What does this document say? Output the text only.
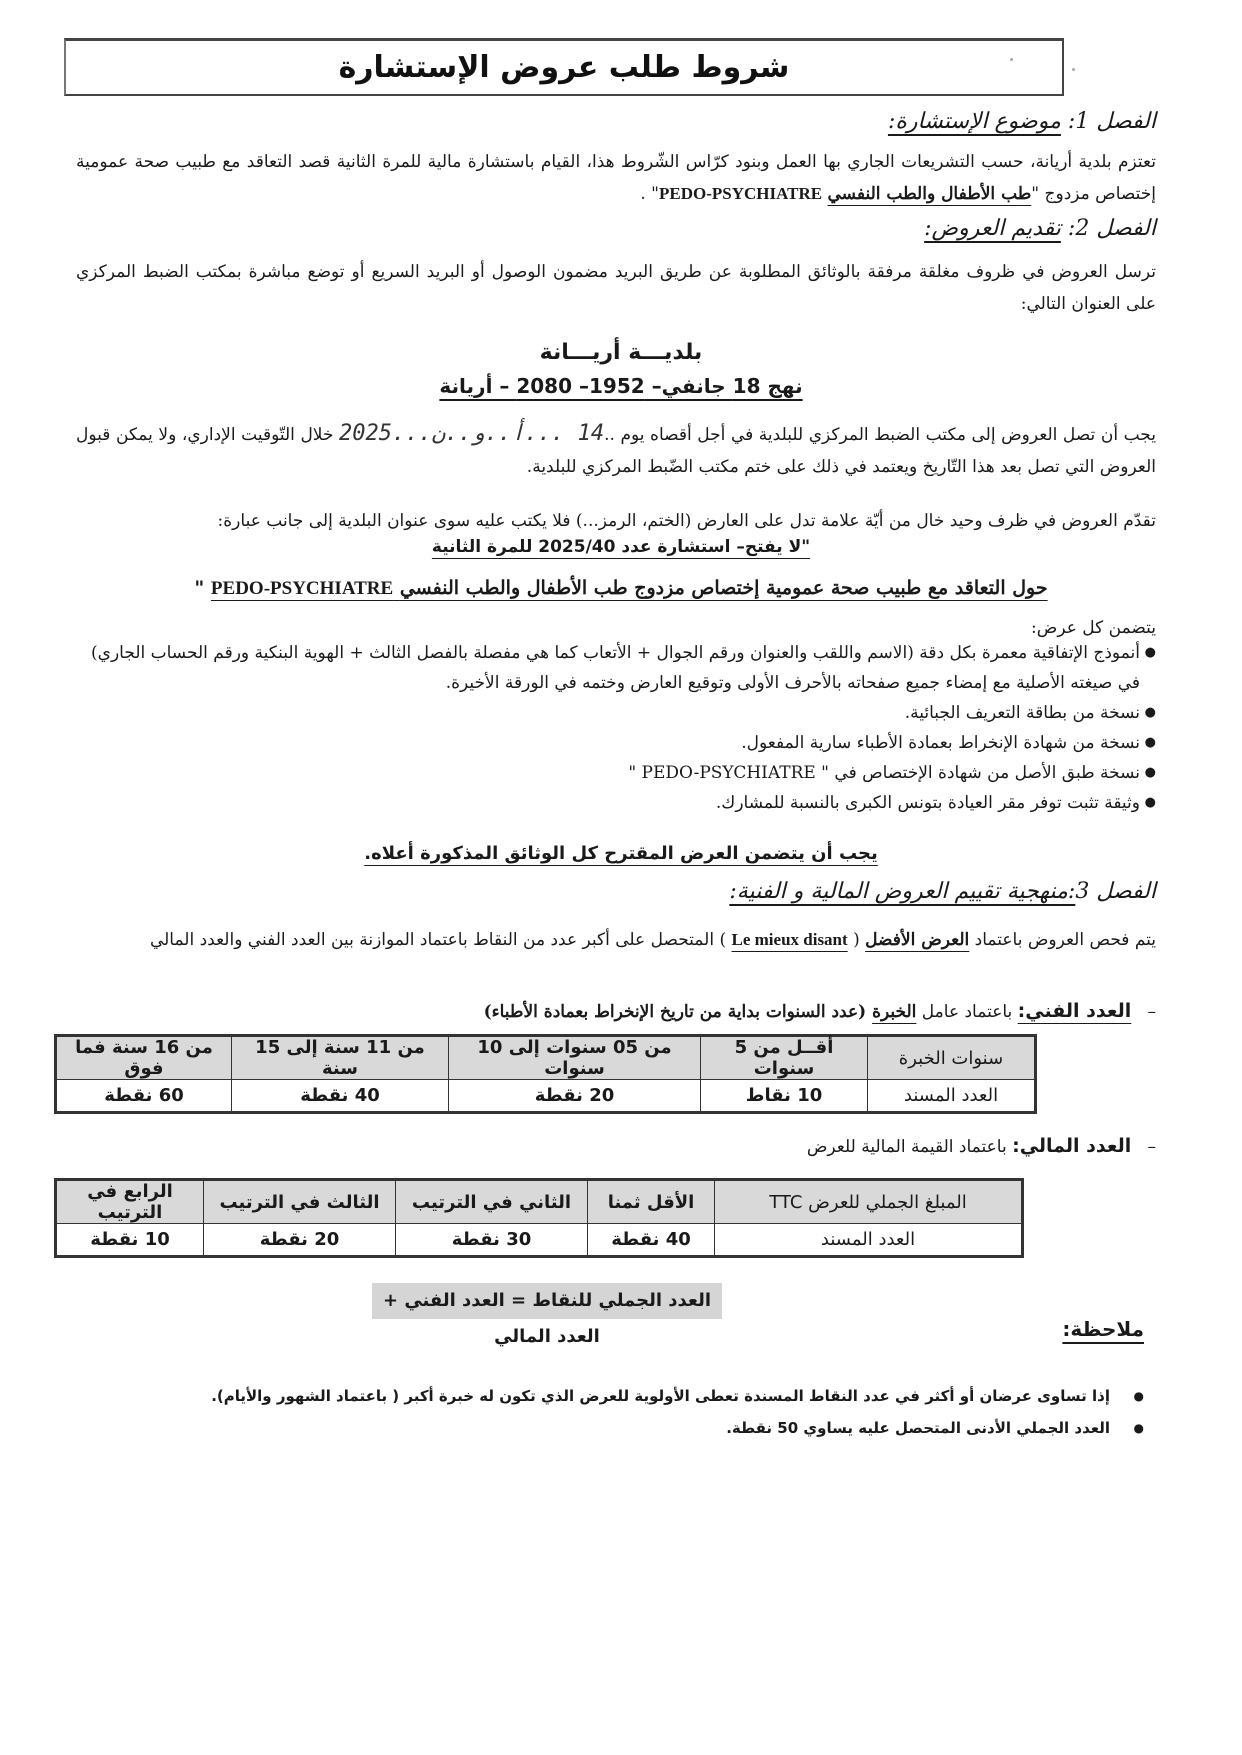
شروط طلب عروض الإستشارة
الفصل 1: موضوع الإستشارة:

تعتزم بلدية أريانة، حسب التشريعات الجاري بها العمل وبنود كرّاس الشّروط هذا، القيام باستشارة مالية للمرة الثانية قصد التعاقد مع طبيب صحة عمومية إختصاص مزدوج "طب الأطفال والطب النفسي PEDO-PSYCHIATRE" .

الفصل 2: تقديم العروض:

ترسل العروض في ظروف مغلقة مرفقة بالوثائق المطلوبة عن طريق البريد مضمون الوصول أو البريد السريع أو توضع مباشرة بمكتب الضبط المركزي على العنوان التالي:

بلديـــة أريـــانة

نهج 18 جانفي– 1952– 2080 – أريانة

يجب أن تصل العروض إلى مكتب الضبط المركزي للبلدية في أجل أقصاه يوم ..14 ...أ..و..ن...2025 خلال التّوقيت الإداري، ولا يمكن قبول العروض التي تصل بعد هذا التّاريخ ويعتمد في ذلك على ختم مكتب الضّبط المركزي للبلدية.

تقدّم العروض في ظرف وحيد خال من أيّة علامة تدل على العارض (الختم، الرمز...) فلا يكتب عليه سوى عنوان البلدية إلى جانب عبارة:

"لا يفتح– استشارة عدد 2025/40 للمرة الثانية

حول التعاقد مع طبيب صحة عمومية إختصاص مزدوج طب الأطفال والطب النفسي PEDO-PSYCHIATRE "

يتضمن كل عرض:

● أنموذج الإتفاقية معمرة بكل دقة (الاسم واللقب والعنوان ورقم الجوال + الأتعاب كما هي مفصلة بالفصل الثالث + الهوية البنكية ورقم الحساب الجاري) في صيغته الأصلية مع إمضاء جميع صفحاته بالأحرف الأولى وتوقيع العارض وختمه في الورقة الأخيرة.
● نسخة من بطاقة التعريف الجبائية.
● نسخة من شهادة الإنخراط بعمادة الأطباء سارية المفعول.
● نسخة طبق الأصل من شهادة الإختصاص في " PEDO-PSYCHIATRE "
● وثيقة تثبت توفر مقر العيادة بتونس الكبرى بالنسبة للمشارك.

يجب أن يتضمن العرض المقترح كل الوثائق المذكورة أعلاه.

الفصل 3:منهجية تقييم العروض المالية و الفنية:

يتم فحص العروض باعتماد العرض الأفضل ( Le mieux disant ) المتحصل على أكبر عدد من النقاط باعتماد الموازنة بين العدد الفني والعدد المالي

–   العدد الفني: باعتماد عامل الخبرة (عدد السنوات بداية من تاريخ الإنخراط بعمادة الأطباء)

سنوات الخبرة	أقــل من 5 سنوات	من 05 سنوات إلى 10 سنوات	من 11 سنة إلى 15 سنة	من 16 سنة فما فوق
العدد المسند	10 نقاط	20 نقطة	40 نقطة	60 نقطة

–   العدد المالي: باعتماد القيمة المالية للعرض

المبلغ الجملي للعرض TTC	الأقل ثمنا	الثاني في الترتيب	الثالث في الترتيب	الرابع في الترتيب
العدد المسند	40 نقطة	30 نقطة	20 نقطة	10 نقطة
العدد الجملي للنقاط = العدد الفني + العدد المالي	ملاحظة:

● إذا تساوى عرضان أو أكثر في عدد النقاط المسندة تعطى الأولوية للعرض الذي تكون له خبرة أكبر ( باعتماد الشهور والأيام).
● العدد الجملي الأدنى المتحصل عليه يساوي 50 نقطة.
